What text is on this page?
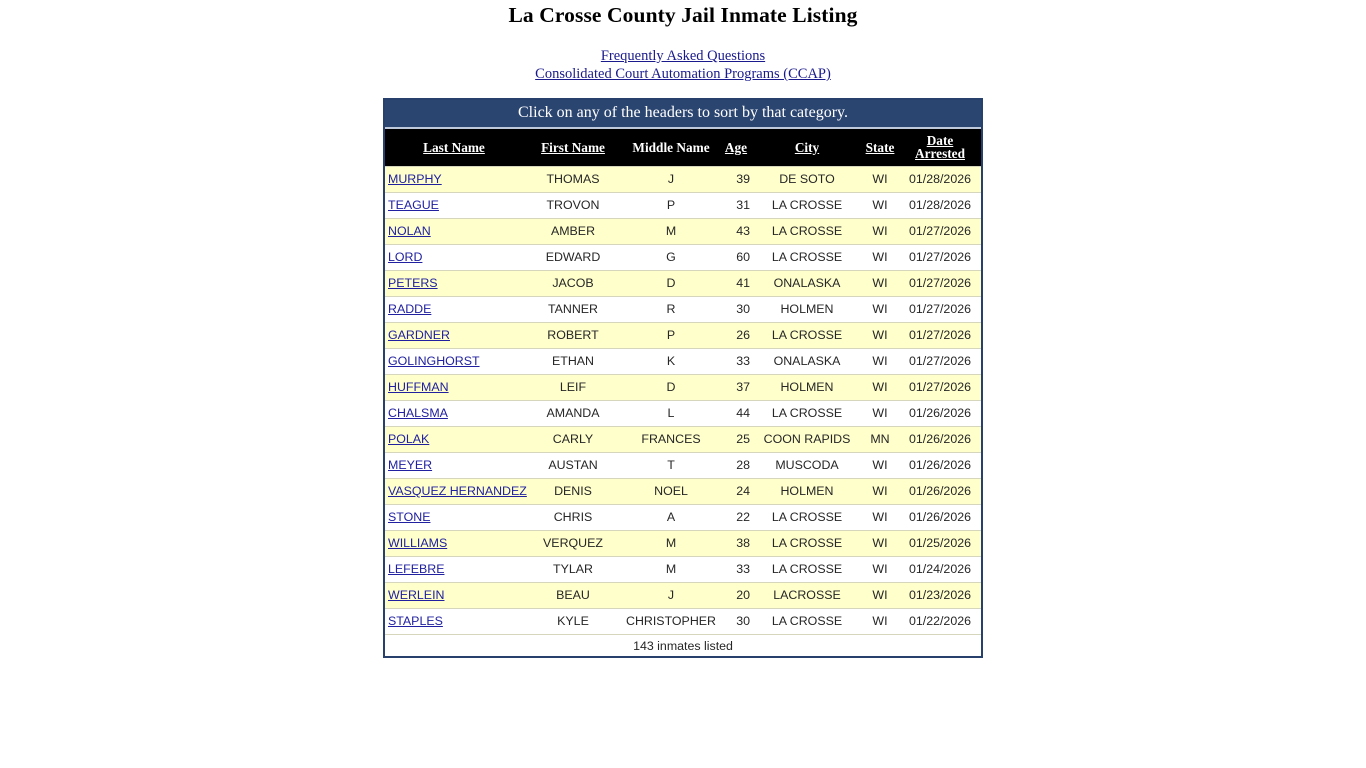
La Crosse County Jail Inmate Listing
Frequently Asked Questions
Consolidated Court Automation Programs (CCAP)
Click on any of the headers to sort by that category.
Last Name	First Name	Middle Name	Age	City	State	Date Arrested
MURPHY	THOMAS	J	39	DE SOTO	WI	01/28/2026
TEAGUE	TROVON	P	31	LA CROSSE	WI	01/28/2026
NOLAN	AMBER	M	43	LA CROSSE	WI	01/27/2026
LORD	EDWARD	G	60	LA CROSSE	WI	01/27/2026
PETERS	JACOB	D	41	ONALASKA	WI	01/27/2026
RADDE	TANNER	R	30	HOLMEN	WI	01/27/2026
GARDNER	ROBERT	P	26	LA CROSSE	WI	01/27/2026
GOLINGHORST	ETHAN	K	33	ONALASKA	WI	01/27/2026
HUFFMAN	LEIF	D	37	HOLMEN	WI	01/27/2026
CHALSMA	AMANDA	L	44	LA CROSSE	WI	01/26/2026
POLAK	CARLY	FRANCES	25	COON RAPIDS	MN	01/26/2026
MEYER	AUSTAN	T	28	MUSCODA	WI	01/26/2026
VASQUEZ HERNANDEZ	DENIS	NOEL	24	HOLMEN	WI	01/26/2026
STONE	CHRIS	A	22	LA CROSSE	WI	01/26/2026
WILLIAMS	VERQUEZ	M	38	LA CROSSE	WI	01/25/2026
LEFEBRE	TYLAR	M	33	LA CROSSE	WI	01/24/2026
WERLEIN	BEAU	J	20	LACROSSE	WI	01/23/2026
STAPLES	KYLE	CHRISTOPHER	30	LA CROSSE	WI	01/22/2026
143 inmates listed
